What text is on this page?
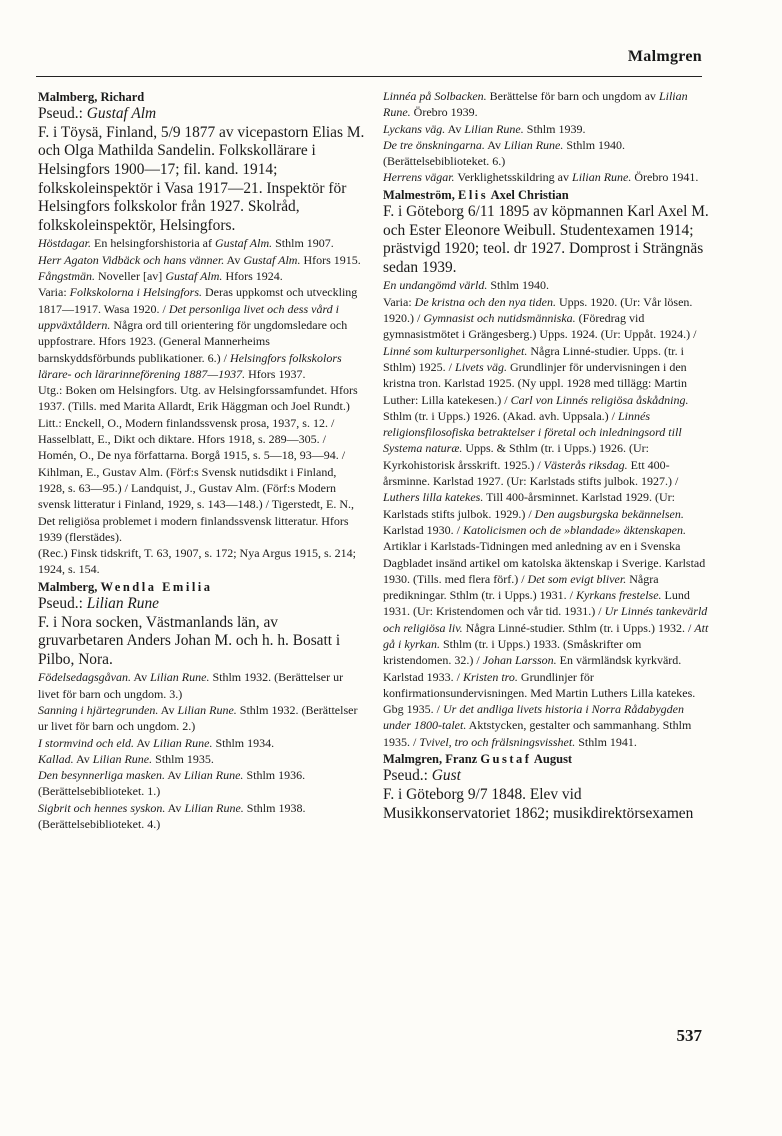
Malmgren
Malmberg, Richard
Pseud.: Gustaf Alm
F. i Töysä, Finland, 5/9 1877 av vicepastorn Elias M. och Olga Mathilda Sandelin. Folkskollärare i Helsingfors 1900—17; fil. kand. 1914; folkskoleinspektör i Vasa 1917—21. Inspektör för Helsingfors folkskolor från 1927. Skolråd, folkskoleinspektör, Helsingfors.

Höstdagar. En helsingforshistoria af Gustaf Alm. Sthlm 1907.

Herr Agaton Vidbäck och hans vänner. Av Gustaf Alm. Hfors 1915.

Fångstmän. Noveller [av] Gustaf Alm. Hfors 1924.

Varia: Folkskolorna i Helsingfors. Deras uppkomst och utveckling 1817—1917. Wasa 1920. / Det personliga livet och dess vård i uppväxtåldern. Några ord till orientering för ungdomsledare och uppfostrare. Hfors 1923. (General Mannerheims barnskyddsförbunds publikationer. 6.) / Helsingfors folkskolors lärare- och lärarinneförening 1887—1937. Hfors 1937.

Utg.: Boken om Helsingfors. Utg. av Helsingforssamfundet. Hfors 1937. (Tills. med Marita Allardt, Erik Häggman och Joel Rundt.)

Litt.: Enckell, O., Modern finlandssvensk prosa, 1937, s. 12. / Hasselblatt, E., Dikt och diktare. Hfors 1918, s. 289—305. / Homén, O., De nya författarna. Borgå 1915, s. 5—18, 93—94. / Kihlman, E., Gustav Alm. (Förf:s Svensk nutidsdikt i Finland, 1928, s. 63—95.) / Landquist, J., Gustav Alm. (Förf:s Modern svensk litteratur i Finland, 1929, s. 143—148.) / Tigerstedt, E. N., Det religiösa problemet i modern finlandssvensk litteratur. Hfors 1939 (flerstädes).

(Rec.) Finsk tidskrift, T. 63, 1907, s. 172; Nya Argus 1915, s. 214; 1924, s. 154.

Malmberg, Wendla Emilia
Pseud.: Lilian Rune
F. i Nora socken, Västmanlands län, av gruvarbetaren Anders Johan M. och h. h. Bosatt i Pilbo, Nora.

Födelsedagsgåvan. Av Lilian Rune. Sthlm 1932. (Berättelser ur livet för barn och ungdom. 3.)

Sanning i hjärtegrunden. Av Lilian Rune. Sthlm 1932. (Berättelser ur livet för barn och ungdom. 2.)

I stormvind och eld. Av Lilian Rune. Sthlm 1934.

Kallad. Av Lilian Rune. Sthlm 1935.

Den besynnerliga masken. Av Lilian Rune. Sthlm 1936. (Berättelsebiblioteket. 1.)

Sigbrit och hennes syskon. Av Lilian Rune. Sthlm 1938. (Berättelsebiblioteket. 4.)

Linnéa på Solbacken. Berättelse för barn och ungdom av Lilian Rune. Örebro 1939.

Lyckans väg. Av Lilian Rune. Sthlm 1939.

De tre önskningarna. Av Lilian Rune. Sthlm 1940. (Berättelsebiblioteket. 6.)

Herrens vägar. Verklighetsskildring av Lilian Rune. Örebro 1941.

Malmeström, Elis Axel Christian
F. i Göteborg 6/11 1895 av köpmannen Karl Axel M. och Ester Eleonore Weibull. Studentexamen 1914; prästvigd 1920; teol. dr 1927. Domprost i Strängnäs sedan 1939.

En undangömd värld. Sthlm 1940.

Varia: De kristna och den nya tiden. Upps. 1920. (Ur: Vår lösen. 1920.) / Gymnasist och nutidsmänniska. (Föredrag vid gymnasistmötet i Grängesberg.) Upps. 1924. (Ur: Uppåt. 1924.) / Linné som kulturpersonlighet. Några Linné-studier. Upps. (tr. i Sthlm) 1925. / Livets väg. Grundlinjer för undervisningen i den kristna tron. Karlstad 1925. (Ny uppl. 1928 med tillägg: Martin Luther: Lilla katekesen.) / Carl von Linnés religiösa åskådning. Sthlm (tr. i Upps.) 1926. (Akad. avh. Uppsala.) / Linnés religionsfilosofiska betraktelser i företal och inledningsord till Systema naturæ. Upps. & Sthlm (tr. i Upps.) 1926. (Ur: Kyrkohistorisk årsskrift. 1925.) / Västerås riksdag. Ett 400-årsminne. Karlstad 1927. (Ur: Karlstads stifts julbok. 1927.) / Luthers lilla katekes. Till 400-årsminnet. Karlstad 1929. (Ur: Karlstads stifts julbok. 1929.) / Den augsburgska bekännelsen. Karlstad 1930. / Katolicismen och de »blandade» äktenskapen. Artiklar i Karlstads-Tidningen med anledning av en i Svenska Dagbladet insänd artikel om katolska äktenskap i Sverige. Karlstad 1930. (Tills. med flera förf.) / Det som evigt bliver. Några predikningar. Sthlm (tr. i Upps.) 1931. / Kyrkans frestelse. Lund 1931. (Ur: Kristendomen och vår tid. 1931.) / Ur Linnés tankevärld och religiösa liv. Några Linné-studier. Sthlm (tr. i Upps.) 1932. / Att gå i kyrkan. Sthlm (tr. i Upps.) 1933. (Småskrifter om kristendomen. 32.) / Johan Larsson. En värmländsk kyrkvärd. Karlstad 1933. / Kristen tro. Grundlinjer för konfirmationsundervisningen. Med Martin Luthers Lilla katekes. Gbg 1935. / Ur det andliga livets historia i Norra Rådabygden under 1800-talet. Aktstycken, gestalter och sammanhang. Sthlm 1935. / Tvivel, tro och frälsningsvisshet. Sthlm 1941.

Malmgren, Franz Gustaf August
Pseud.: Gust
F. i Göteborg 9/7 1848. Elev vid Musikkonservatoriet 1862; musikdirektörsexamen
537
